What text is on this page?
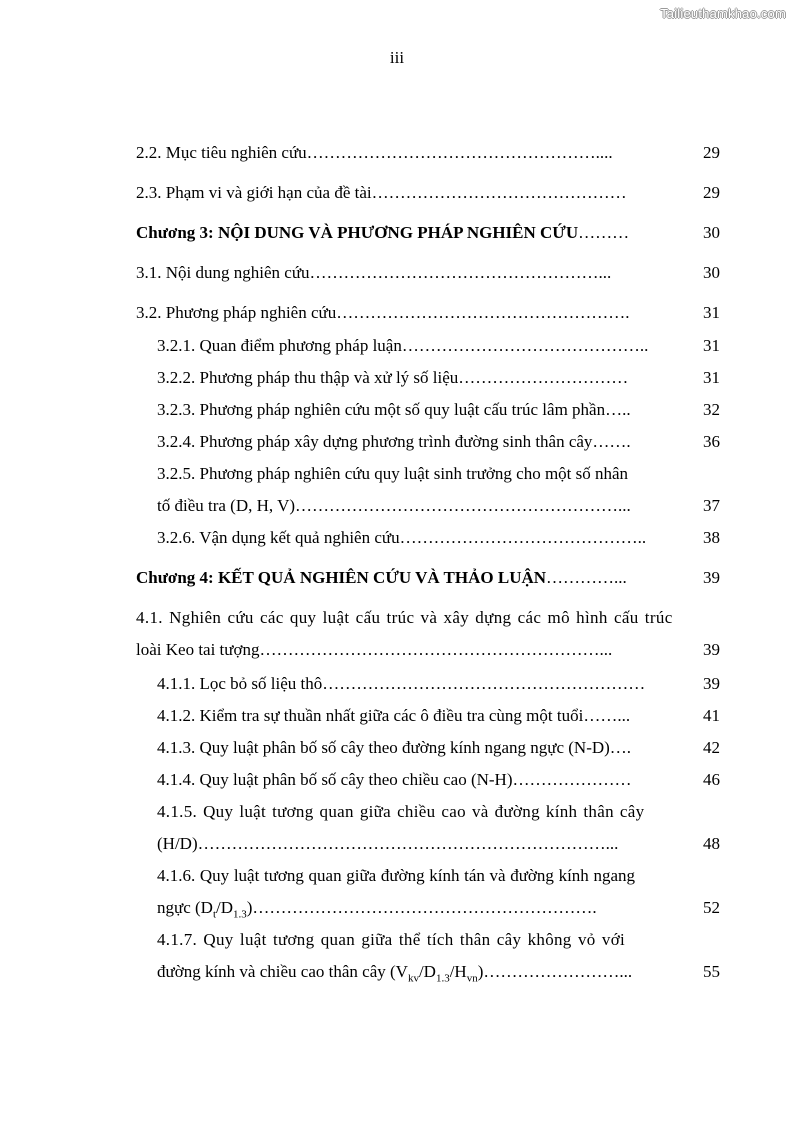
Tailieuthamkhao.com
iii
2.2. Mục tiêu nghiên cứu……………………………………………....	29
2.3. Phạm vi và giới hạn của đề tài………………………………………	29
Chương 3: NỘI DUNG VÀ PHƯƠNG PHÁP NGHIÊN CỨU………	30
3.1. Nội dung nghiên cứu……………………………………………...	30
3.2. Phương pháp nghiên cứu…………………………………………….	31
3.2.1. Quan điểm phương pháp luận……………………………………..	31
3.2.2. Phương pháp thu thập và xử lý số liệu…………………………	31
3.2.3. Phương pháp nghiên cứu một số quy luật cấu trúc lâm phần…..	32
3.2.4. Phương pháp xây dựng phương trình đường sinh thân cây…….	36
3.2.5. Phương pháp nghiên cứu quy luật sinh trưởng cho một số nhân
tố điều tra (D, H, V)…………………………………………………...	37
3.2.6. Vận dụng kết quả nghiên cứu……………………………………..	38
Chương 4: KẾT QUẢ NGHIÊN CỨU VÀ THẢO LUẬN…………...	39
4.1. Nghiên cứu các quy luật cấu trúc và xây dựng các mô hình cấu trúc
loài Keo tai tượng……………………………………………………...	39
4.1.1. Lọc bỏ số liệu thô…………………………………………………	39
4.1.2. Kiểm tra sự thuần nhất giữa các ô điều tra cùng một tuổi……...	41
4.1.3. Quy luật phân bố số cây theo đường kính ngang ngực (N-D)….	42
4.1.4. Quy luật phân bố số cây theo chiều cao (N-H)…………………	46
4.1.5. Quy luật tương quan giữa chiều cao và đường kính thân cây
(H/D)………………………………………………………………...	48
4.1.6. Quy luật tương quan giữa đường kính tán và đường kính ngang
ngực $(D_t/D_{1.3})\dots\dots\dots\dots\dots\dots\dots\dots\dots\dots\dots\dots\dots\dots\dots\dots\dots\dots\dots\dots$.	52
4.1.7. Quy luật tương quan giữa thể tích thân cây không vỏ với
đường kính và chiều cao thân cây $(V_{kv}/D_{1.3}/H_{vn})\dots\dots\dots\dots\dots\dots\dots\dots$...	55
